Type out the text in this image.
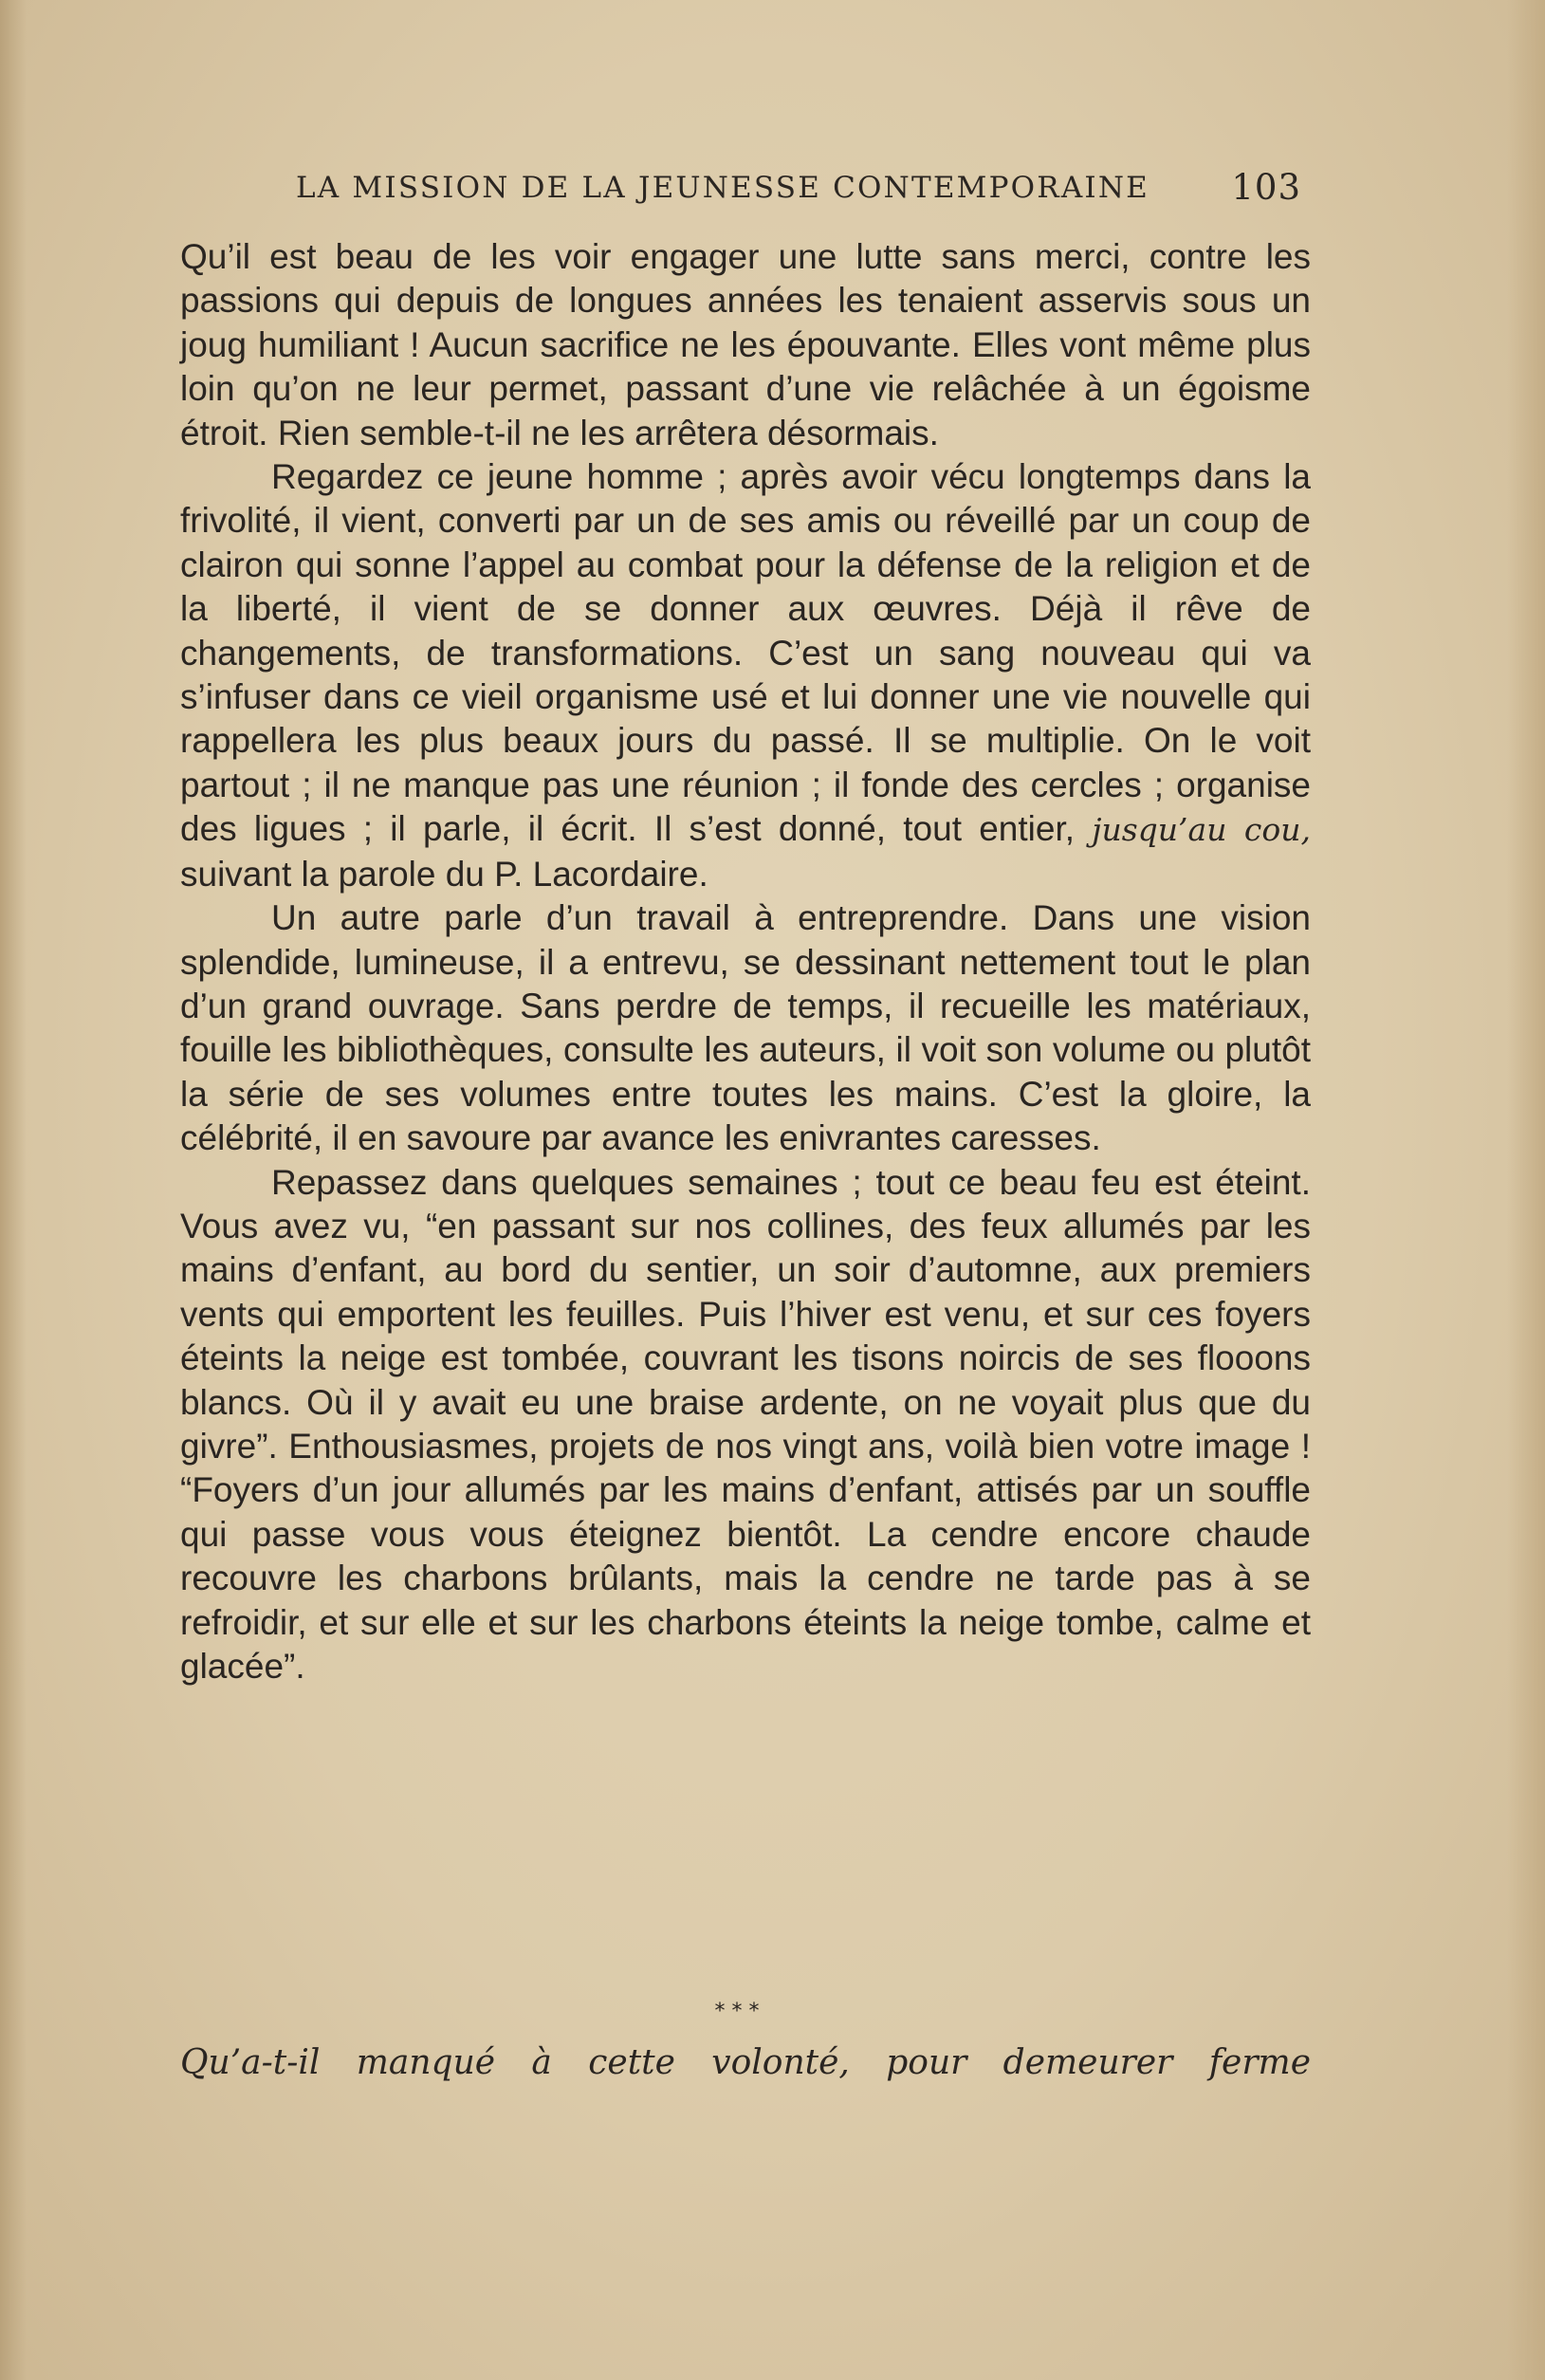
LA MISSION DE LA JEUNESSE CONTEMPORAINE 103

Qu’il est beau de les voir engager une lutte sans merci, contre les passions qui depuis de longues années les tenaient asservis sous un joug humiliant ! Aucun sacrifice ne les épouvante. Elles vont même plus loin qu’on ne leur permet, passant d’une vie relâchée à un égoisme étroit. Rien semble-t-il ne les arrêtera désormais.

Regardez ce jeune homme ; après avoir vécu longtemps dans la frivolité, il vient, converti par un de ses amis ou réveillé par un coup de clairon qui sonne l’appel au combat pour la défense de la religion et de la liberté, il vient de se donner aux œuvres. Déjà il rêve de changements, de transformations. C’est un sang nouveau qui va s’infuser dans ce vieil organisme usé et lui donner une vie nouvelle qui rappellera les plus beaux jours du passé. Il se multiplie. On le voit partout ; il ne manque pas une réunion ; il fonde des cercles ; organise des ligues ; il parle, il écrit. Il s’est donné, tout entier, jusqu’au cou, suivant la parole du P. Lacordaire.

Un autre parle d’un travail à entreprendre. Dans une vision splendide, lumineuse, il a entrevu, se dessinant nettement tout le plan d’un grand ouvrage. Sans perdre de temps, il recueille les matériaux, fouille les bibliothèques, consulte les auteurs, il voit son volume ou plutôt la série de ses volumes entre toutes les mains. C’est la gloire, la célébrité, il en savoure par avance les enivrantes caresses.

Repassez dans quelques semaines ; tout ce beau feu est éteint. Vous avez vu, “en passant sur nos collines, des feux allumés par les mains d’enfant, au bord du sentier, un soir d’automne, aux premiers vents qui emportent les feuilles. Puis l’hiver est venu, et sur ces foyers éteints la neige est tombée, couvrant les tisons noircis de ses flooons blancs. Où il y avait eu une braise ardente, on ne voyait plus que du givre”. Enthousiasmes, projets de nos vingt ans, voilà bien votre image ! “Foyers d’un jour allumés par les mains d’enfant, attisés par un souffle qui passe vous vous éteignez bientôt. La cendre encore chaude recouvre les charbons brûlants, mais la cendre ne tarde pas à se refroidir, et sur elle et sur les charbons éteints la neige tombe, calme et glacée”.

* * *
Qu’a-t-il manqué à cette volonté, pour demeurer ferme
